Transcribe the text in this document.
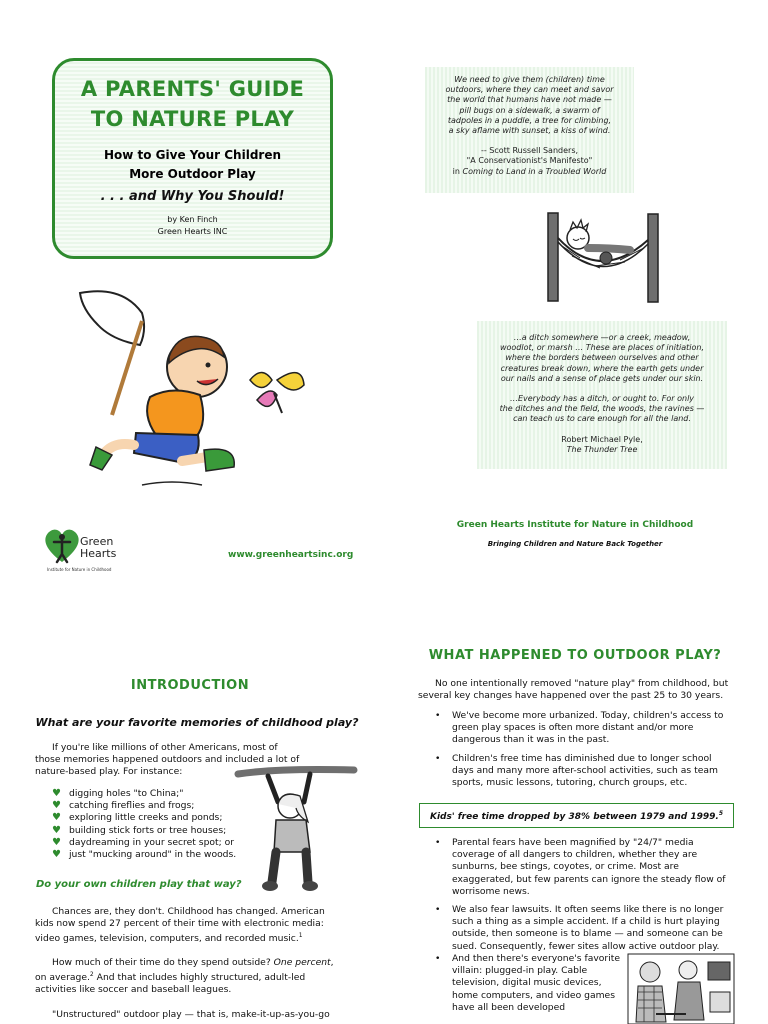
A PARENTS' GUIDE
TO NATURE PLAY
How to Give Your Children
More Outdoor Play
. . . and Why You Should!
by Ken Finch
Green Hearts INC
We need to give them (children) time
outdoors, where they can meet and savor
the world that humans have not made —
pill bugs on a sidewalk, a swarm of
tadpoles in a puddle, a tree for climbing,
a sky aflame with sunset, a kiss of wind.
-- Scott Russell Sanders,
"A Conservationist's Manifesto"
in Coming to Land in a Troubled World
…a ditch somewhere —or a creek, meadow,
woodlot, or marsh … These are places of initiation,
where the borders between ourselves and other
creatures break down, where the earth gets under
our nails and a sense of place gets under our skin.
…Everybody has a ditch, or ought to. For only
the ditches and the field, the woods, the ravines —
can teach us to care enough for all the land.
Robert Michael Pyle,
The Thunder Tree
Green
Hearts
Institute for Nature in Childhood
www.greenheartsinc.org
Green Hearts Institute for Nature in Childhood
Bringing Children and Nature Back Together
INTRODUCTION
What are your favorite memories of childhood play?
If you're like millions of other Americans, most of those memories happened outdoors and included a lot of nature-based play. For instance:
♥ digging holes "to China;"
♥ catching fireflies and frogs;
♥ exploring little creeks and ponds;
♥ building stick forts or tree houses;
♥ daydreaming in your secret spot; or
♥ just "mucking around" in the woods.
Do your own children play that way?
Chances are, they don't. Childhood has changed. American kids now spend 27 percent of their time with electronic media: video games, television, computers, and recorded music.$^1$
How much of their time do they spend outside? One percent, on average.$^2$ And that includes highly structured, adult-led activities like soccer and baseball leagues.
"Unstructured" outdoor play — that is, make-it-up-as-you-go
WHAT HAPPENED TO OUTDOOR PLAY?
No one intentionally removed "nature play" from childhood, but several key changes have happened over the past 25 to 30 years.
• We've become more urbanized. Today, children's access to green play spaces is often more distant and/or more dangerous than it was in the past.
• Children's free time has diminished due to longer school days and many more after-school activities, such as team sports, music lessons, tutoring, church groups, etc.
Kids' free time dropped by 38% between 1979 and 1999.$^5$
• Parental fears have been magnified by "24/7" media coverage of all dangers to children, whether they are sunburns, bee stings, coyotes, or crime. Most are exaggerated, but few parents can ignore the steady flow of worrisome news.
• We also fear lawsuits. It often seems like there is no longer such a thing as a simple accident. If a child is hurt playing outside, then someone is to blame — and someone can be sued. Consequently, fewer sites allow active outdoor play.
• And then there's everyone's favorite villain: plugged-in play. Cable television, digital music devices, home computers, and video games have all been developed
